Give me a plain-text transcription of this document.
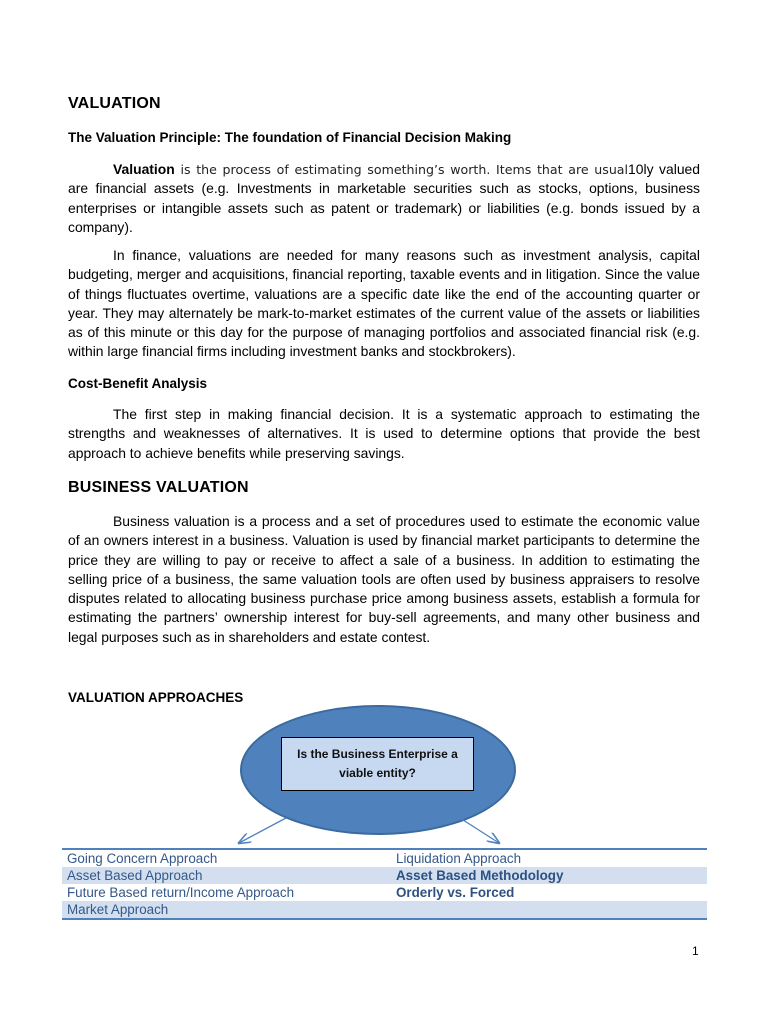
VALUATION

The Valuation Principle: The foundation of Financial Decision Making

Valuation is the process of estimating something’s worth. Items that are usual10ly valued are financial assets (e.g. Investments in marketable securities such as stocks, options, business enterprises or intangible assets such as patent or trademark) or liabilities (e.g. bonds issued by a company).

In finance, valuations are needed for many reasons such as investment analysis, capital budgeting, merger and acquisitions, financial reporting, taxable events and in litigation. Since the value of things fluctuates overtime, valuations are a specific date like the end of the accounting quarter or year. They may alternately be mark-to-market estimates of the current value of the assets or liabilities as of this minute or this day for the purpose of managing portfolios and associated financial risk (e.g. within large financial firms including investment banks and stockbrokers).

Cost-Benefit Analysis

The first step in making financial decision. It is a systematic approach to estimating the strengths and weaknesses of alternatives. It is used to determine options that provide the best approach to achieve benefits while preserving savings.

BUSINESS VALUATION

Business valuation is a process and a set of procedures used to estimate the economic value of an owners interest in a business. Valuation is used by financial market participants to determine the price they are willing to pay or receive to affect a sale of a business. In addition to estimating the selling price of a business, the same valuation tools are often used by business appraisers to resolve disputes related to allocating business purchase price among business assets, establish a formula for estimating the partners’ ownership interest for buy-sell agreements, and many other business and legal purposes such as in shareholders and estate contest.

VALUATION APPROACHES

Is the Business Enterprise a
viable entity?
Going Concern Approach	Liquidation Approach
Asset Based Approach	Asset Based Methodology
Future Based return/Income Approach	Orderly vs. Forced
Market Approach
1
